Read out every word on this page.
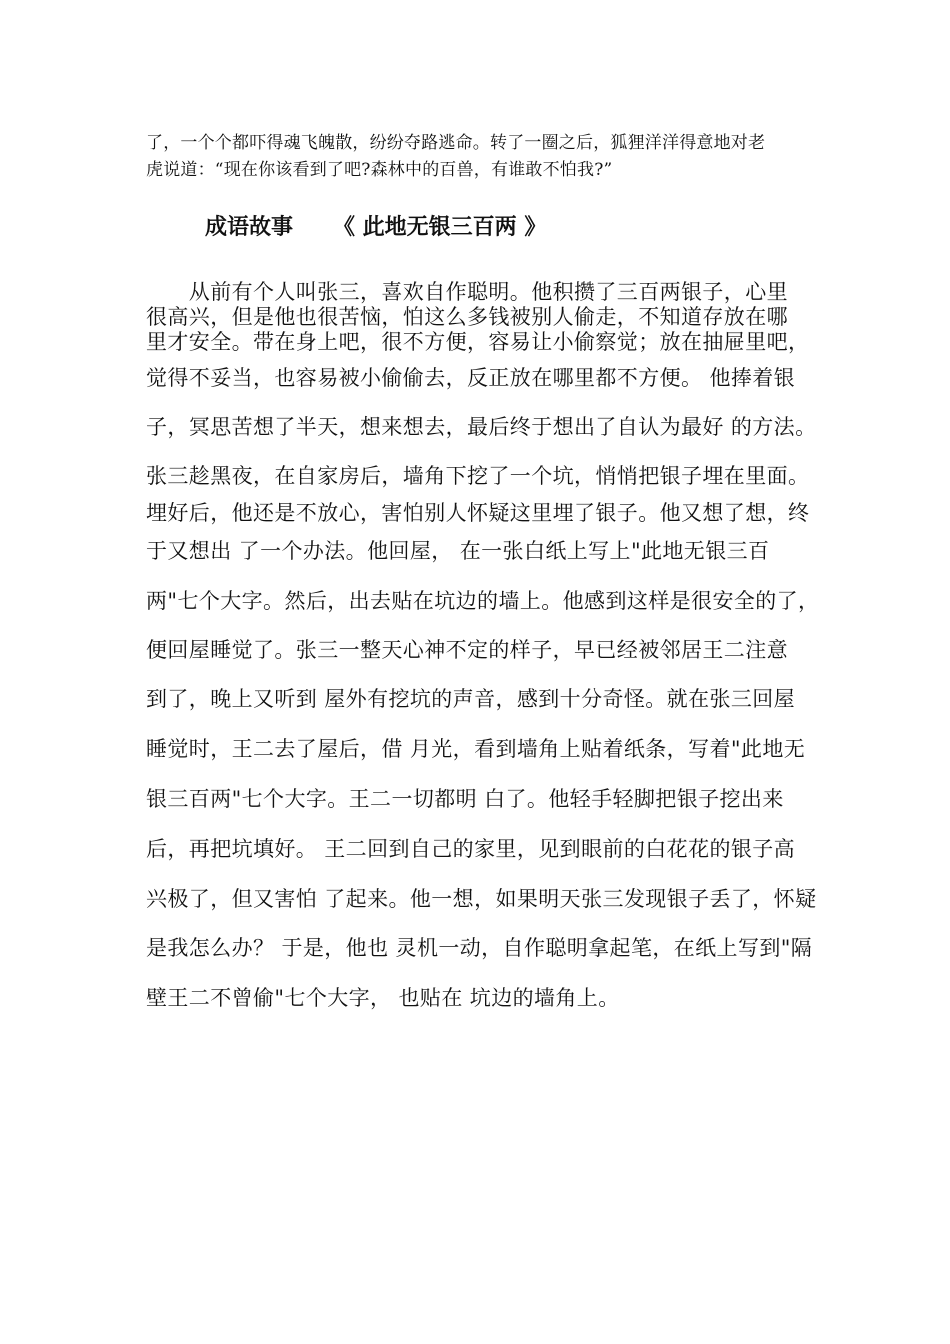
了，一个个都吓得魂飞魄散，纷纷夺路逃命。转了一圈之后，狐狸洋洋得意地对老

虎说道：“现在你该看到了吧?森林中的百兽，有谁敢不怕我?”

成语故事 《 此地无银三百两 》

　　从前有个人叫张三，喜欢自作聪明。他积攒了三百两银子，心里

很高兴，但是他也很苦恼，怕这么多钱被别人偷走，不知道存放在哪

里才安全。带在身上吧，很不方便，容易让小偷察觉；放在抽屉里吧，

觉得不妥当，也容易被小偷偷去，反正放在哪里都不方便。 他捧着银

子，冥思苦想了半天，想来想去，最后终于想出了自认为最好 的方法。

张三趁黑夜，在自家房后，墙角下挖了一个坑，悄悄把银子埋在里面。

埋好后，他还是不放心，害怕别人怀疑这里埋了银子。他又想了想，终

于又想出 了一个办法。他回屋， 在一张白纸上写上"此地无银三百

两"七个大字。然后，出去贴在坑边的墙上。他感到这样是很安全的了，

便回屋睡觉了。张三一整天心神不定的样子，早已经被邻居王二注意

到了，晚上又听到 屋外有挖坑的声音，感到十分奇怪。就在张三回屋

睡觉时，王二去了屋后，借 月光，看到墙角上贴着纸条，写着"此地无

银三百两"七个大字。王二一切都明 白了。他轻手轻脚把银子挖出来

后，再把坑填好。 王二回到自己的家里，见到眼前的白花花的银子高

兴极了，但又害怕 了起来。他一想，如果明天张三发现银子丢了，怀疑

是我怎么办？ 于是，他也 灵机一动，自作聪明拿起笔，在纸上写到"隔

壁王二不曾偷"七个大字， 也贴在 坑边的墙角上。
